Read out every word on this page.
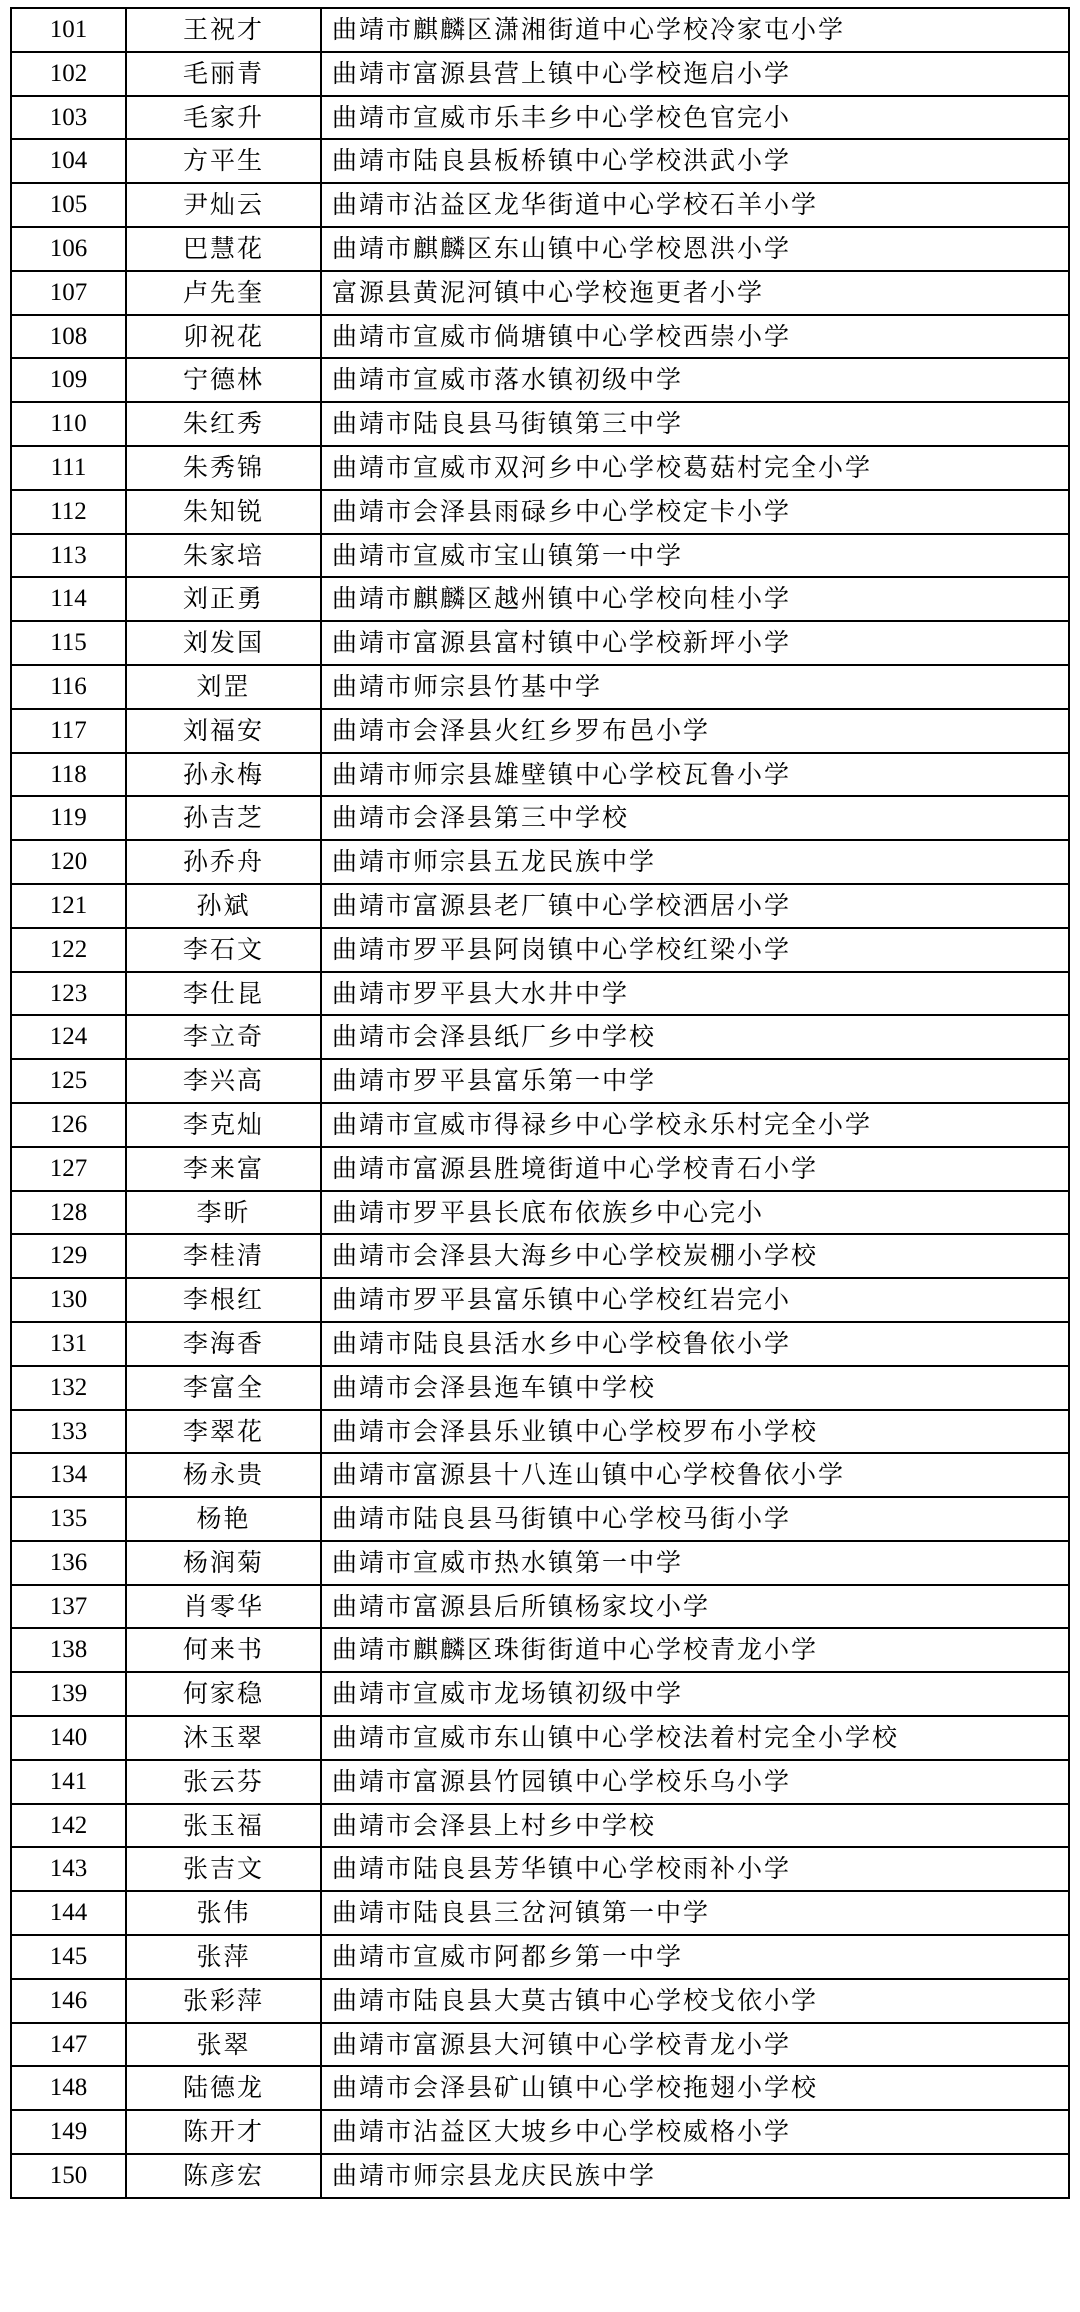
101	王祝才	曲靖市麒麟区潇湘街道中心学校冷家屯小学
102	毛丽青	曲靖市富源县营上镇中心学校迤启小学
103	毛家升	曲靖市宣威市乐丰乡中心学校色官完小
104	方平生	曲靖市陆良县板桥镇中心学校洪武小学
105	尹灿云	曲靖市沾益区龙华街道中心学校石羊小学
106	巴慧花	曲靖市麒麟区东山镇中心学校恩洪小学
107	卢先奎	富源县黄泥河镇中心学校迤更者小学
108	卯祝花	曲靖市宣威市倘塘镇中心学校西崇小学
109	宁德林	曲靖市宣威市落水镇初级中学
110	朱红秀	曲靖市陆良县马街镇第三中学
111	朱秀锦	曲靖市宣威市双河乡中心学校葛菇村完全小学
112	朱知锐	曲靖市会泽县雨碌乡中心学校定卡小学
113	朱家培	曲靖市宣威市宝山镇第一中学
114	刘正勇	曲靖市麒麟区越州镇中心学校向桂小学
115	刘发国	曲靖市富源县富村镇中心学校新坪小学
116	刘罡	曲靖市师宗县竹基中学
117	刘福安	曲靖市会泽县火红乡罗布邑小学
118	孙永梅	曲靖市师宗县雄壁镇中心学校瓦鲁小学
119	孙吉芝	曲靖市会泽县第三中学校
120	孙乔舟	曲靖市师宗县五龙民族中学
121	孙斌	曲靖市富源县老厂镇中心学校洒居小学
122	李石文	曲靖市罗平县阿岗镇中心学校红梁小学
123	李仕昆	曲靖市罗平县大水井中学
124	李立奇	曲靖市会泽县纸厂乡中学校
125	李兴高	曲靖市罗平县富乐第一中学
126	李克灿	曲靖市宣威市得禄乡中心学校永乐村完全小学
127	李来富	曲靖市富源县胜境街道中心学校青石小学
128	李昕	曲靖市罗平县长底布依族乡中心完小
129	李桂清	曲靖市会泽县大海乡中心学校炭棚小学校
130	李根红	曲靖市罗平县富乐镇中心学校红岩完小
131	李海香	曲靖市陆良县活水乡中心学校鲁依小学
132	李富全	曲靖市会泽县迤车镇中学校
133	李翠花	曲靖市会泽县乐业镇中心学校罗布小学校
134	杨永贵	曲靖市富源县十八连山镇中心学校鲁依小学
135	杨艳	曲靖市陆良县马街镇中心学校马街小学
136	杨润菊	曲靖市宣威市热水镇第一中学
137	肖零华	曲靖市富源县后所镇杨家坟小学
138	何来书	曲靖市麒麟区珠街街道中心学校青龙小学
139	何家稳	曲靖市宣威市龙场镇初级中学
140	沐玉翠	曲靖市宣威市东山镇中心学校法着村完全小学校
141	张云芬	曲靖市富源县竹园镇中心学校乐乌小学
142	张玉福	曲靖市会泽县上村乡中学校
143	张吉文	曲靖市陆良县芳华镇中心学校雨补小学
144	张伟	曲靖市陆良县三岔河镇第一中学
145	张萍	曲靖市宣威市阿都乡第一中学
146	张彩萍	曲靖市陆良县大莫古镇中心学校戈依小学
147	张翠	曲靖市富源县大河镇中心学校青龙小学
148	陆德龙	曲靖市会泽县矿山镇中心学校拖翅小学校
149	陈开才	曲靖市沾益区大坡乡中心学校威格小学
150	陈彦宏	曲靖市师宗县龙庆民族中学
